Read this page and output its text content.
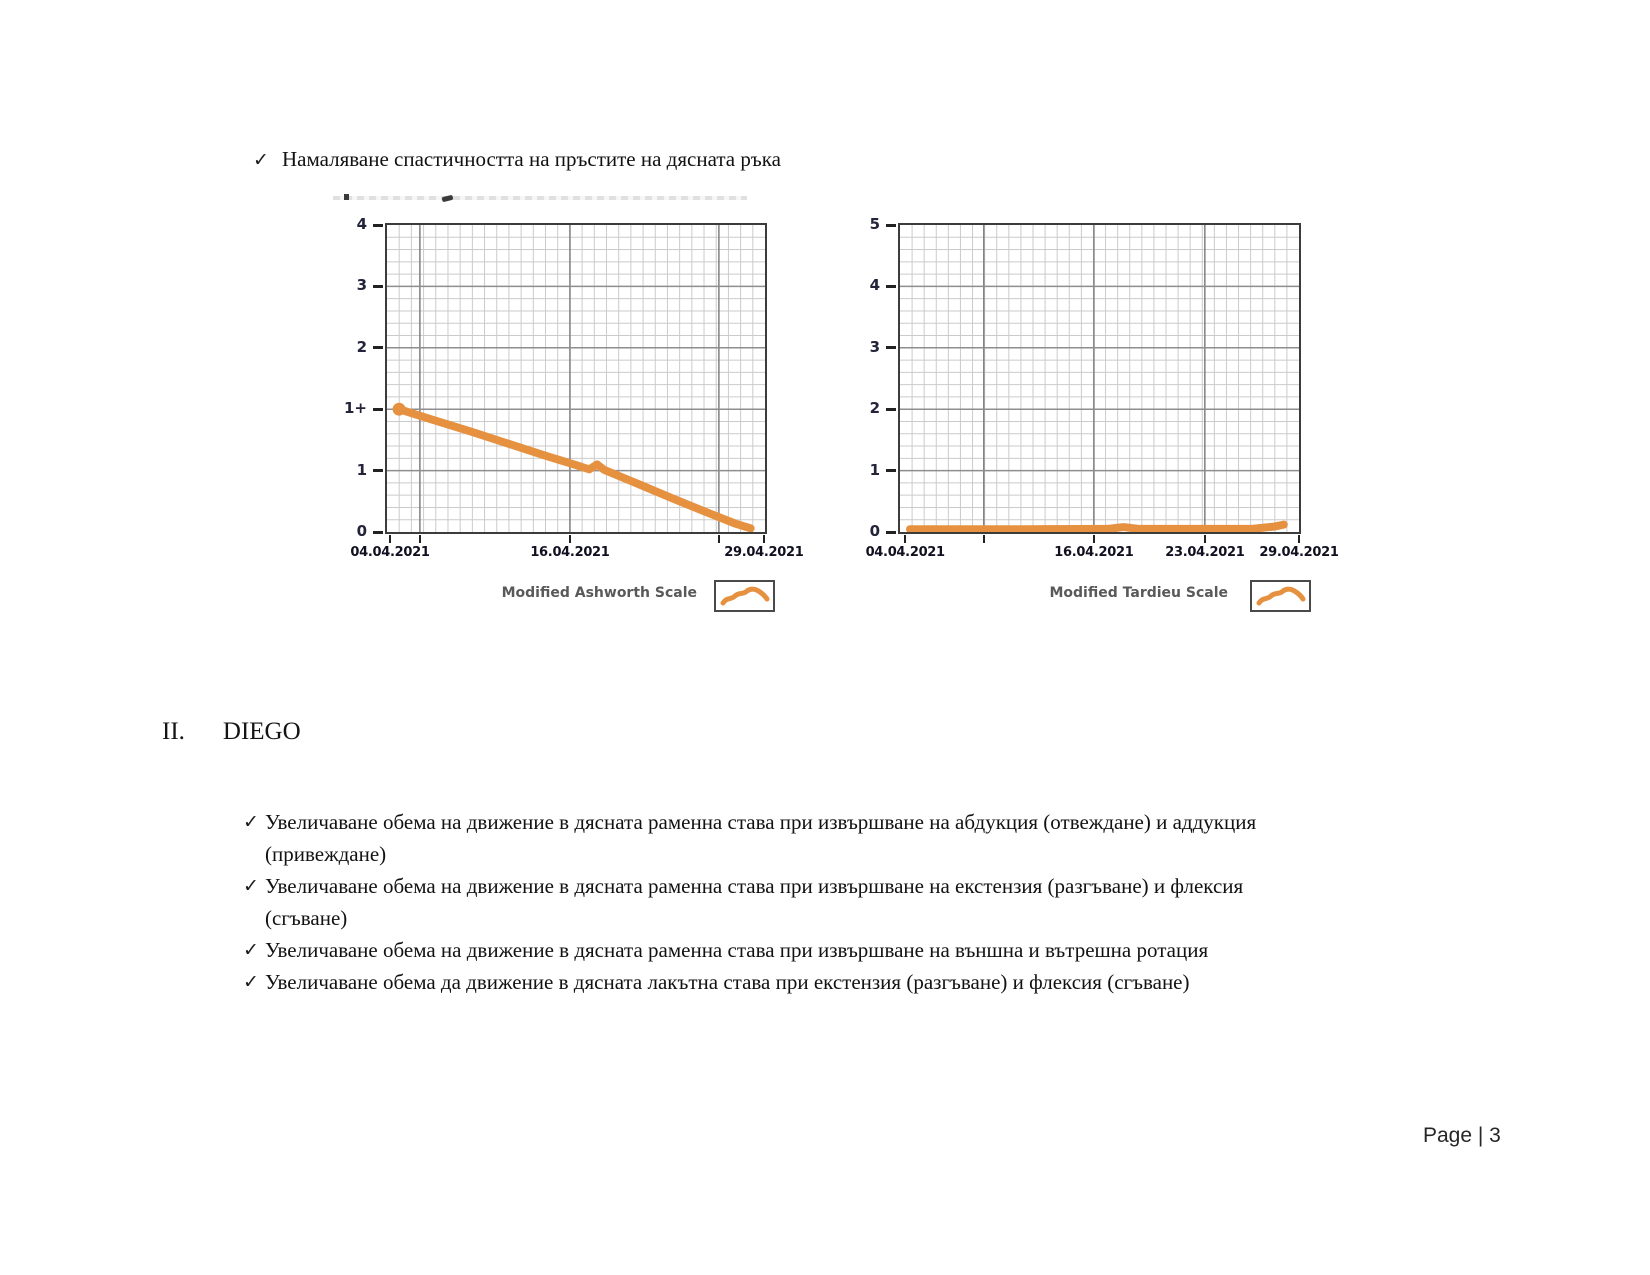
✓ Намаляване спастичността на пръстите на дясната ръка
0
1
1+
2
3
4
04.04.2021	16.04.2021	29.04.2021
0
1
2
3
4
5
04.04.2021	16.04.2021	23.04.2021	29.04.2021
Modified Ashworth Scale	Modified Tardieu Scale
II. DIEGO
✓ Увеличаване обема на движение в дясната раменна става при извършване на абдукция (отвеждане) и аддукция
(привеждане)
✓ Увеличаване обема на движение в дясната раменна става при извършване на екстензия (разгъване) и флексия
(сгъване)
✓ Увеличаване обема на движение в дясната раменна става при извършване на външна и вътрешна ротация
✓ Увеличаване обема да движение в дясната лакътна става при екстензия (разгъване) и флексия (сгъване)
Page | 3
